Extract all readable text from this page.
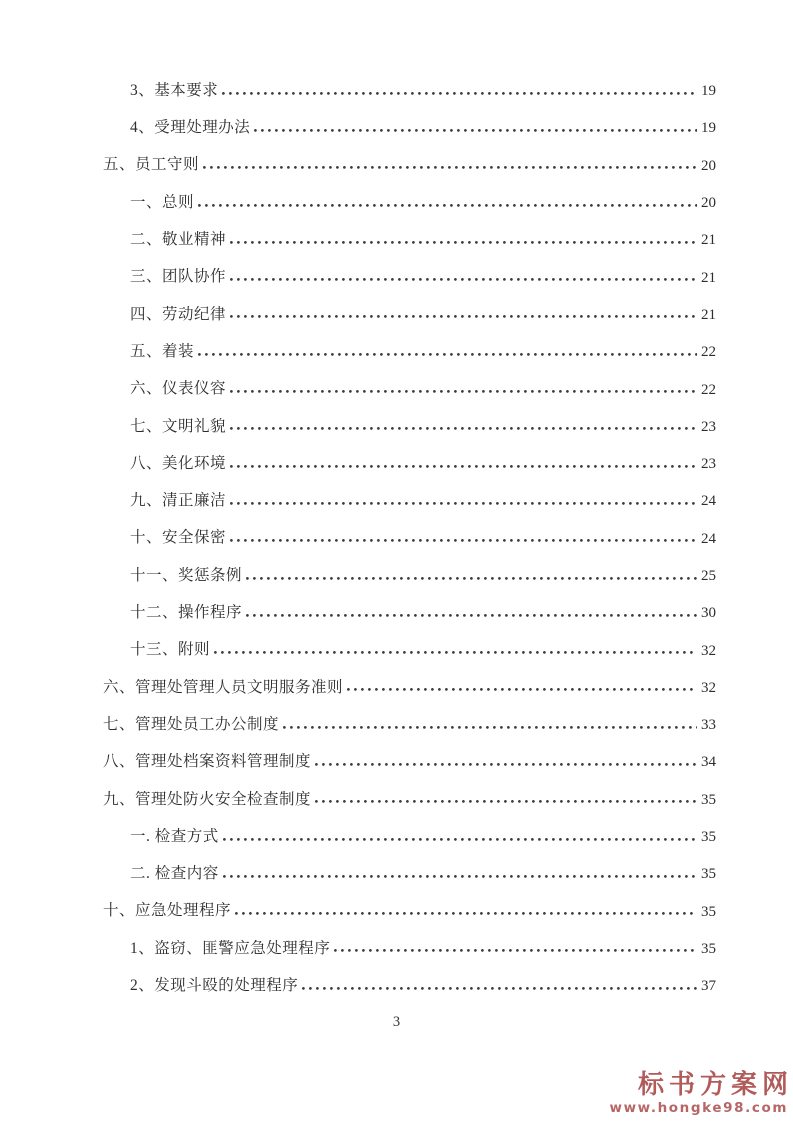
3、基本要求	19
4、受理处理办法	19
五、员工守则	20
一、总则	20
二、敬业精神	21
三、团队协作	21
四、劳动纪律	21
五、着装	22
六、仪表仪容	22
七、文明礼貌	23
八、美化环境	23
九、清正廉洁	24
十、安全保密	24
十一、奖惩条例	25
十二、操作程序	30
十三、附则	32
六、管理处管理人员文明服务准则	32
七、管理处员工办公制度	33
八、管理处档案资料管理制度	34
九、管理处防火安全检查制度	35
一. 检查方式	35
二. 检查内容	35
十、应急处理程序	35
1、盗窃、匪警应急处理程序	35
2、发现斗殴的处理程序	37
3
标书方案网
www.hongke98.com
